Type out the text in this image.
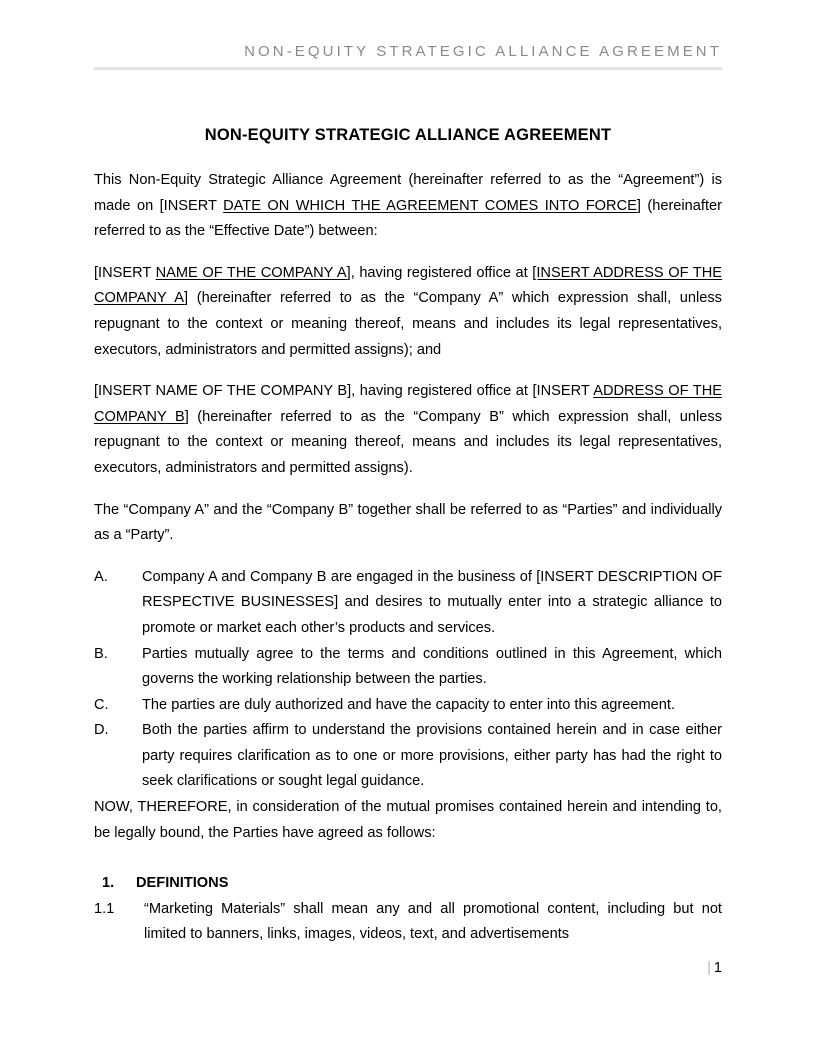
NON-EQUITY STRATEGIC ALLIANCE AGREEMENT
NON-EQUITY STRATEGIC ALLIANCE AGREEMENT

This Non-Equity Strategic Alliance Agreement (hereinafter referred to as the “Agreement”) is made on [INSERT DATE ON WHICH THE AGREEMENT COMES INTO FORCE] (hereinafter referred to as the “Effective Date”) between:

[INSERT NAME OF THE COMPANY A], having registered office at [INSERT ADDRESS OF THE COMPANY A] (hereinafter referred to as the “Company A” which expression shall, unless repugnant to the context or meaning thereof, means and includes its legal representatives, executors, administrators and permitted assigns); and

[INSERT NAME OF THE COMPANY B], having registered office at [INSERT ADDRESS OF THE COMPANY B] (hereinafter referred to as the “Company B” which expression shall, unless repugnant to the context or meaning thereof, means and includes its legal representatives, executors, administrators and permitted assigns).

The “Company A” and the “Company B” together shall be referred to as “Parties” and individually as a “Party”.

A.	Company A and Company B are engaged in the business of [INSERT DESCRIPTION OF RESPECTIVE BUSINESSES] and desires to mutually enter into a strategic alliance to promote or market each other’s products and services.
B.	Parties mutually agree to the terms and conditions outlined in this Agreement, which governs the working relationship between the parties.
C.	The parties are duly authorized and have the capacity to enter into this agreement.
D.	Both the parties affirm to understand the provisions contained herein and in case either party requires clarification as to one or more provisions, either party has had the right to seek clarifications or sought legal guidance.

NOW, THEREFORE, in consideration of the mutual promises contained herein and intending to, be legally bound, the Parties have agreed as follows:

1.	DEFINITIONS
1.1	“Marketing Materials” shall mean any and all promotional content, including but not limited to banners, links, images, videos, text, and advertisements
| 1
